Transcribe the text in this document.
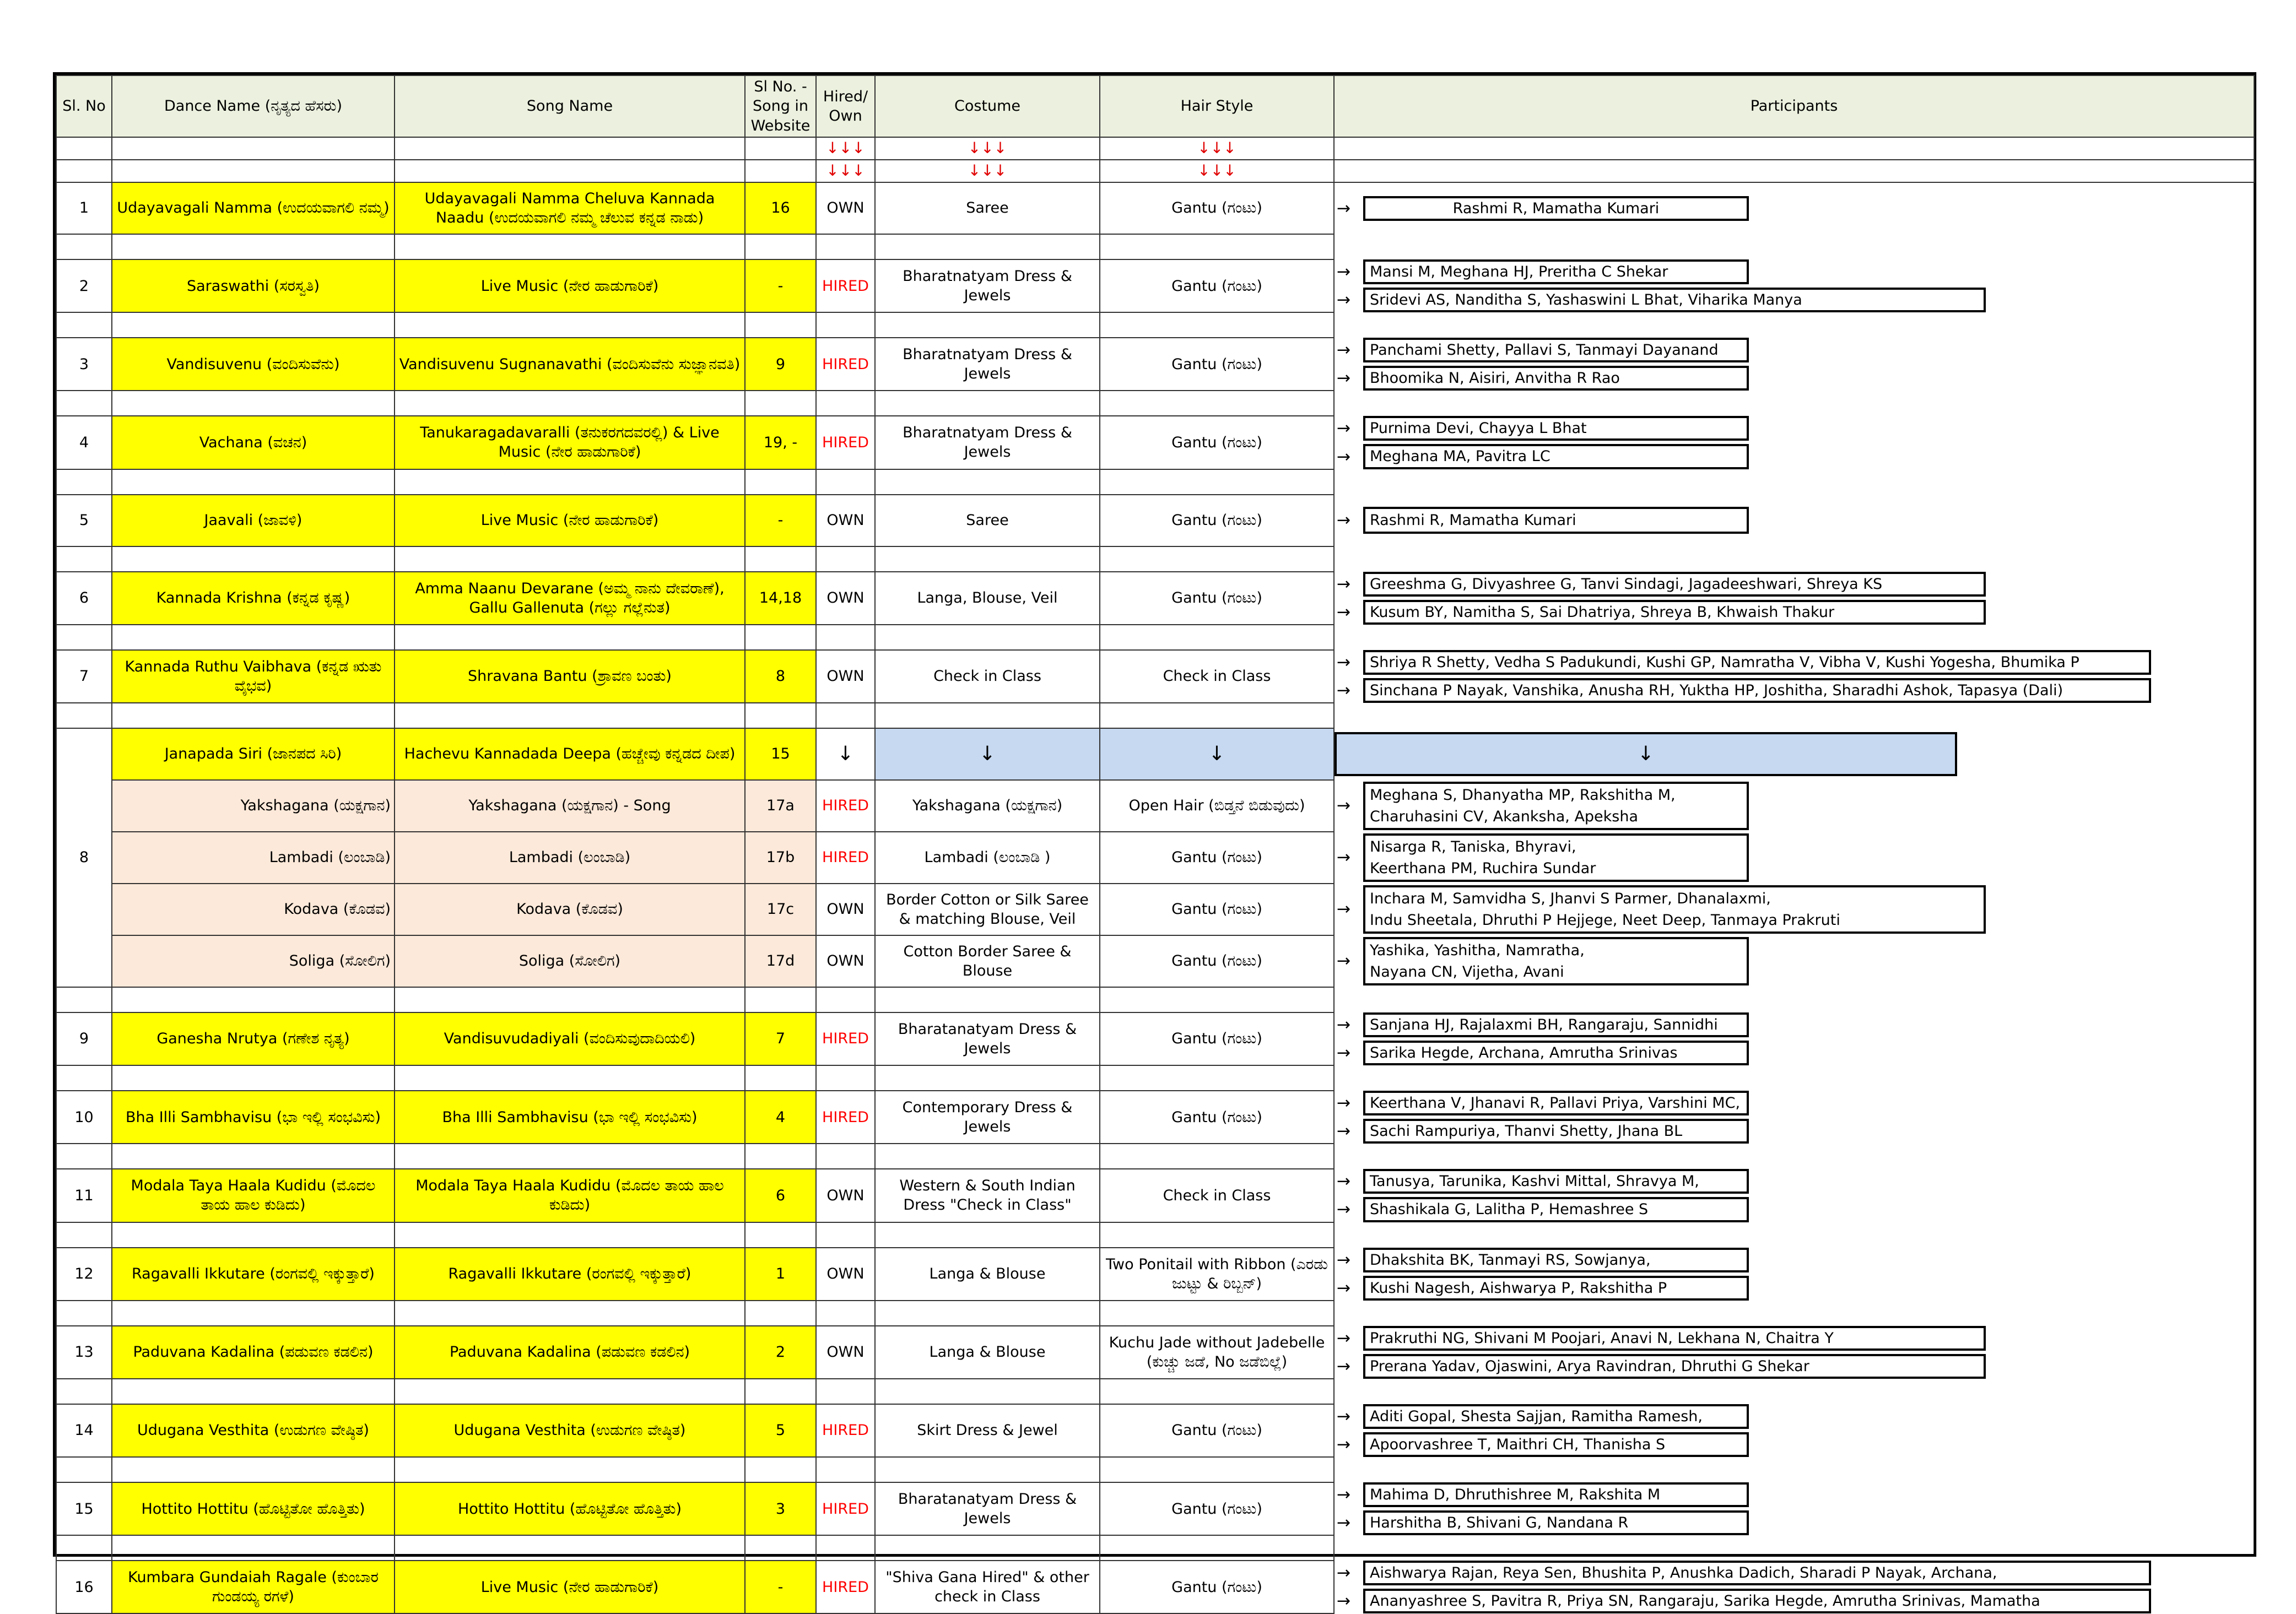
Sl. No	Dance Name (ನೃತ್ಯದ ಹೆಸರು)	Song Name	Sl No. - Song in Website	Hired/ Own	Costume	Hair Style	Participants
				↓↓↓	↓↓↓	↓↓↓	
				↓↓↓	↓↓↓	↓↓↓	
1	Udayavagali Namma (ಉದಯವಾಗಲಿ ನಮ್ಮ)	Udayavagali Namma Cheluva Kannada Naadu (ಉದಯವಾಗಲಿ ನಮ್ಮ ಚೆಲುವ ಕನ್ನಡ ನಾಡು)	16	OWN	Saree	Gantu (ಗಂಟು)	→ Rashmi R, Mamatha Kumari

2	Saraswathi (ಸರಸ್ವತಿ)	Live Music (ನೇರ ಹಾಡುಗಾರಿಕೆ)	-	HIRED	Bharatnatyam Dress & Jewels	Gantu (ಗಂಟು)	→ Mansi M, Meghana HJ, Preritha C Shekar
→ Sridevi AS, Nanditha S, Yashaswini L Bhat, Viharika Manya

3	Vandisuvenu (ವಂದಿಸುವೆನು)	Vandisuvenu Sugnanavathi (ವಂದಿಸುವೆನು ಸುಜ್ಞಾನವತಿ)	9	HIRED	Bharatnatyam Dress & Jewels	Gantu (ಗಂಟು)	→ Panchami Shetty, Pallavi S, Tanmayi Dayanand
→ Bhoomika N, Aisiri, Anvitha R Rao

4	Vachana (ವಚನ)	Tanukaragadavaralli (ತನುಕರಗದವರಲ್ಲಿ) & Live Music (ನೇರ ಹಾಡುಗಾರಿಕೆ)	19, -	HIRED	Bharatnatyam Dress & Jewels	Gantu (ಗಂಟು)	→ Purnima Devi, Chayya L Bhat
→ Meghana MA, Pavitra LC

5	Jaavali (ಜಾವಳಿ)	Live Music (ನೇರ ಹಾಡುಗಾರಿಕೆ)	-	OWN	Saree	Gantu (ಗಂಟು)	→ Rashmi R, Mamatha Kumari

6	Kannada Krishna (ಕನ್ನಡ ಕೃಷ್ಣ)	Amma Naanu Devarane (ಅಮ್ಮ ನಾನು ದೇವರಾಣೆ), Gallu Gallenuta (ಗಲ್ಲು ಗಲ್ಲೆನುತ)	14,18	OWN	Langa, Blouse, Veil	Gantu (ಗಂಟು)	→ Greeshma G, Divyashree G, Tanvi Sindagi, Jagadeeshwari, Shreya KS
→ Kusum BY, Namitha S, Sai Dhatriya, Shreya B, Khwaish Thakur

7	Kannada Ruthu Vaibhava (ಕನ್ನಡ ಋತು ವೈಭವ)	Shravana Bantu (ಶ್ರಾವಣ ಬಂತು)	8	OWN	Check in Class	Check in Class	→ Shriya R Shetty, Vedha S Padukundi, Kushi GP, Namratha V, Vibha V, Kushi Yogesha, Bhumika P
→ Sinchana P Nayak, Vanshika, Anusha RH, Yuktha HP, Joshitha, Sharadhi Ashok, Tapasya (Dali)

8	Janapada Siri (ಜಾನಪದ ಸಿರಿ)	Hachevu Kannadada Deepa (ಹಚ್ಚೇವು ಕನ್ನಡದ ದೀಪ)	15	↓	↓	↓	↓

	Yakshagana (ಯಕ್ಷಗಾನ)	Yakshagana (ಯಕ್ಷಗಾನ) - Song	17a	HIRED	Yakshagana (ಯಕ್ಷಗಾನ)	Open Hair (ಬಿಡ್ತನೆ ಬಿಡುವುದು)	→
Meghana S, Dhanyatha MP, Rakshitha M,
Charuhasini CV, Akanksha, Apeksha

	Lambadi (ಲಂಬಾಡಿ)	Lambadi (ಲಂಬಾಡಿ)	17b	HIRED	Lambadi (ಲಂಬಾಡಿ )	Gantu (ಗಂಟು)	→
Nisarga R, Taniska, Bhyravi,
Keerthana PM, Ruchira Sundar

	Kodava (ಕೊಡವ)	Kodava (ಕೊಡವ)	17c	OWN	Border Cotton or Silk Saree & matching Blouse, Veil	Gantu (ಗಂಟು)	→
Inchara M, Samvidha S, Jhanvi S Parmer, Dhanalaxmi,
Indu Sheetala, Dhruthi P Hejjege, Neet Deep, Tanmaya Prakruti

	Soliga (ಸೋಲಿಗ)	Soliga (ಸೋಲಿಗ)	17d	OWN	Cotton Border Saree & Blouse	Gantu (ಗಂಟು)	→
Yashika, Yashitha, Namratha,
Nayana CN, Vijetha, Avani

9	Ganesha Nrutya (ಗಣೇಶ ನೃತ್ಯ)	Vandisuvudadiyali (ವಂದಿಸುವುದಾದಿಯಲಿ)	7	HIRED	Bharatanatyam Dress & Jewels	Gantu (ಗಂಟು)	→ Sanjana HJ, Rajalaxmi BH, Rangaraju, Sannidhi
→ Sarika Hegde, Archana, Amrutha Srinivas

10	Bha Illi Sambhavisu (ಭಾ ಇಲ್ಲಿ ಸಂಭವಿಸು)	Bha Illi Sambhavisu (ಭಾ ಇಲ್ಲಿ ಸಂಭವಿಸು)	4	HIRED	Contemporary Dress & Jewels	Gantu (ಗಂಟು)	→ Keerthana V, Jhanavi R, Pallavi Priya, Varshini MC,
→ Sachi Rampuriya, Thanvi Shetty, Jhana BL

11	Modala Taya Haala Kudidu (ಮೊದಲ ತಾಯ ಹಾಲ ಕುಡಿದು)	Modala Taya Haala Kudidu (ಮೊದಲ ತಾಯ ಹಾಲ ಕುಡಿದು)	6	OWN	Western & South Indian Dress "Check in Class"	Check in Class	→ Tanusya, Tarunika, Kashvi Mittal, Shravya M,
→ Shashikala G, Lalitha P, Hemashree S

12	Ragavalli Ikkutare (ರಂಗವಲ್ಲಿ ಇಕ್ಕುತ್ತಾರೆ)	Ragavalli Ikkutare (ರಂಗವಲ್ಲಿ ಇಕ್ಕುತ್ತಾರೆ)	1	OWN	Langa & Blouse	Two Ponitail with Ribbon (ಎರಡು ಜುಟ್ಟು & ರಿಬ್ಬನ್)	→ Dhakshita BK, Tanmayi RS, Sowjanya,
→ Kushi Nagesh, Aishwarya P, Rakshitha P

13	Paduvana Kadalina (ಪಡುವಣ ಕಡಲಿನ)	Paduvana Kadalina (ಪಡುವಣ ಕಡಲಿನ)	2	OWN	Langa & Blouse	Kuchu Jade without Jadebelle (ಕುಚ್ಚು ಜಡೆ, No ಜಡೆಬಿಲ್ಲೆ)	→ Prakruthi NG, Shivani M Poojari, Anavi N, Lekhana N, Chaitra Y
→ Prerana Yadav, Ojaswini, Arya Ravindran, Dhruthi G Shekar

14	Udugana Vesthita (ಉಡುಗಣ ವೇಷ್ಠಿತ)	Udugana Vesthita (ಉಡುಗಣ ವೇಷ್ಠಿತ)	5	HIRED	Skirt Dress & Jewel	Gantu (ಗಂಟು)	→ Aditi Gopal, Shesta Sajjan, Ramitha Ramesh,
→ Apoorvashree T, Maithri CH, Thanisha S

15	Hottito Hottitu (ಹೊಟ್ಟಿತೋ ಹೊತ್ತಿತು)	Hottito Hottitu (ಹೊಟ್ಟಿತೋ ಹೊತ್ತಿತು)	3	HIRED	Bharatanatyam Dress & Jewels	Gantu (ಗಂಟು)	→ Mahima D, Dhruthishree M, Rakshita M
→ Harshitha B, Shivani G, Nandana R

16	Kumbara Gundaiah Ragale (ಕುಂಬಾರ ಗುಂಡಯ್ಯ ರಗಳೆ)	Live Music (ನೇರ ಹಾಡುಗಾರಿಕೆ)	-	HIRED	"Shiva Gana Hired" & other check in Class	Gantu (ಗಂಟು)	→ Aishwarya Rajan, Reya Sen, Bhushita P, Anushka Dadich, Sharadi P Nayak, Archana,
→ Ananyashree S, Pavitra R, Priya SN, Rangaraju, Sarika Hegde, Amrutha Srinivas, Mamatha
